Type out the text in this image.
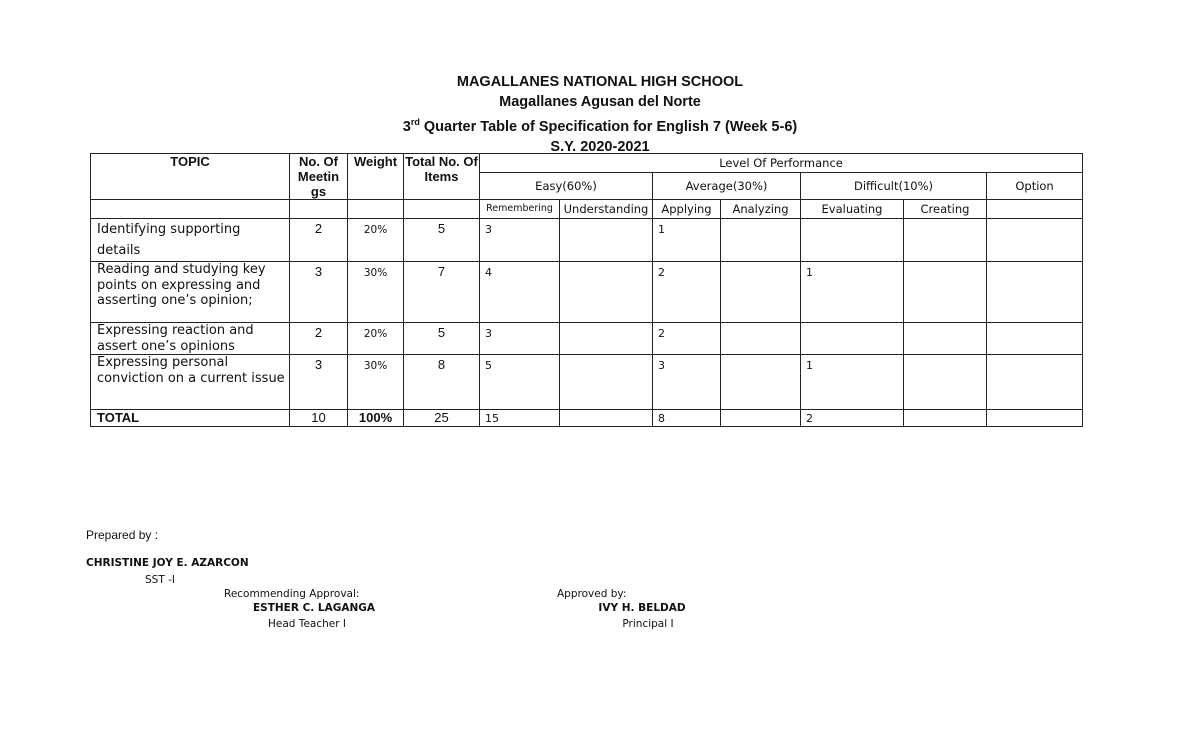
MAGALLANES NATIONAL HIGH SCHOOL
Magallanes Agusan del Norte
3rd Quarter Table of Specification for English 7 (Week 5-6)
S.Y. 2020-2021
TOPIC	No. Of Meetin gs	Weight	Total No. Of Items	Level Of Performance						
				Easy(60%)		Average(30%)		Difficult(10%)		Option
				Remembering	Understanding	Applying	Analyzing	Evaluating	Creating	
Identifying supporting details	2	20%	5	3		1				
Reading and studying key points on expressing and asserting one’s opinion;	3	30%	7	4		2		1		
Expressing reaction and assert one’s opinions	2	20%	5	3		2				
Expressing personal conviction on a current issue	3	30%	8	5		3		1		
TOTAL	10	100%	25	15		8		2		
Prepared by :
CHRISTINE JOY E. AZARCON
SST -I
Recommending Approval:
ESTHER C. LAGANGA
Head Teacher I
Approved by:
IVY H. BELDAD
Principal I
